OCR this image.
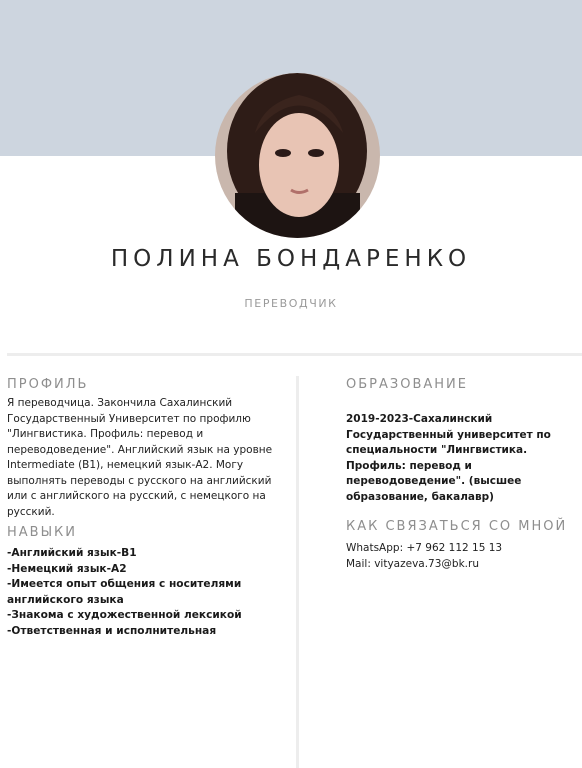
ПОЛИНА БОНДАРЕНКО
ПЕРЕВОДЧИК
ПРОФИЛЬ
Я переводчица. Закончила Сахалинский Государственный Университет по профилю "Лингвистика. Профиль: перевод и переводоведение". Английский язык на уровне Intermediate (B1), немецкий язык-А2. Могу выполнять переводы с русского на английский или с английского на русский, с немецкого на русский.
НАВЫКИ
-Английский язык-B1
-Немецкий язык-A2
-Имеется опыт общения с носителями английского языка
-Знакома с художественной лексикой
-Ответственная и исполнительная
ОБРАЗОВАНИЕ
2019-2023-Сахалинский Государственный университет по специальности "Лингвистика. Профиль: перевод и переводоведение". (высшее образование, бакалавр)
КАК СВЯЗАТЬСЯ СО МНОЙ
WhatsApp: +7 962 112 15 13
Mail: vityazeva.73@bk.ru
